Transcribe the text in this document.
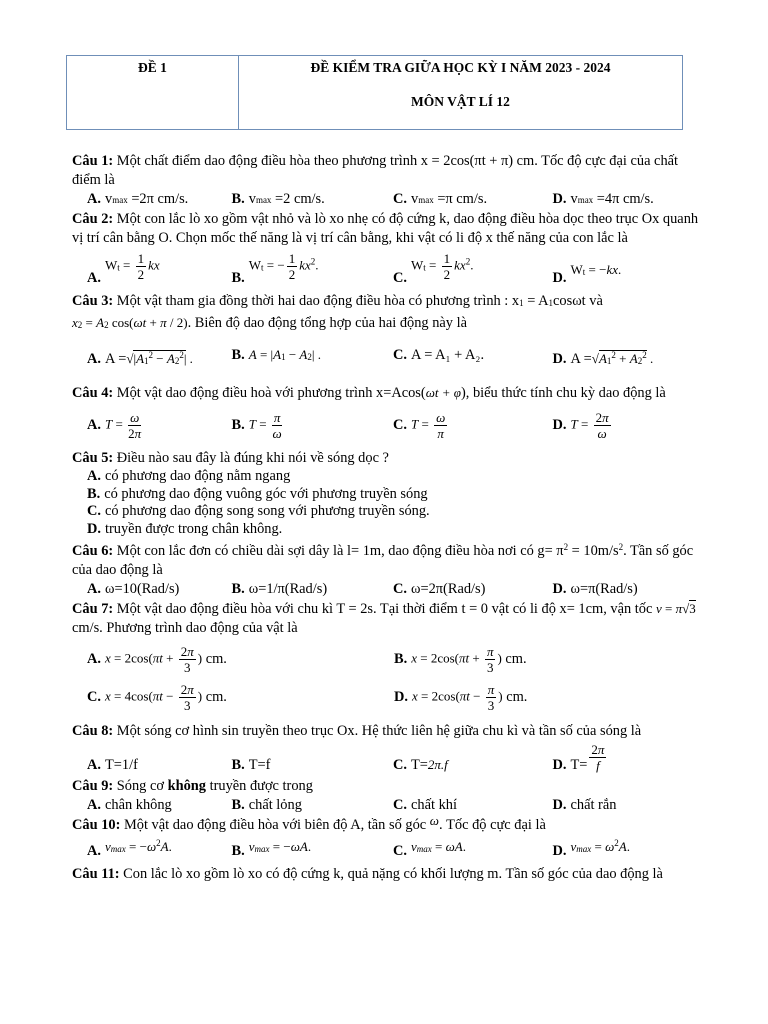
ĐỀ 1	ĐỀ KIỂM TRA GIỮA HỌC KỲ I NĂM 2023 - 2024
MÔN VẬT LÍ 12

Câu 1: Một chất điểm dao động điều hòa theo phương trình x = 2cos(πt + π) cm. Tốc độ cực đại của chất điểm là

A. v max
=2π cm/s.	B. v max
=2 cm/s.	C. v max
=π cm/s.	D. v max
=4π cm/s.

Câu 2: Một con lắc lò xo gồm vật nhỏ và lò xo nhẹ có độ cứng k, dao động điều hòa dọc theo trục Ox quanh vị trí cân bằng O. Chọn mốc thế năng là vị trí cân bằng, khi vật có li độ x thế năng của con lắc là

A.
$Wt = \frac{1}{2}$ kx
B.
Wt = − $\frac{1}{2} kx^2$.
C.
$Wt = \frac{1}{2} kx^2$.
D.
Wt = −kx.

Câu 3: Một vật tham gia đồng thời hai dao động điều hòa có phương trình : x1 = A1cosωt và
x2 = A2 cos(ωt + π / 2). Biên độ dao động tổng hợp của hai động này là

A. $A = √|A1^2 - A2^2|$ .	B. A = |A1 − A2| .	C. A = A₁ + A₂.	D. $A = √A1^2 + A2^2$ .

Câu 4: Một vật dao động điều hoà với phương trình x=Acos(ωt + φ), biểu thức tính chu kỳ dao động là

A. $T = \frac{\omega}{2\pi}$	B. $T = \frac{\pi}{\omega}$	C. $T = \frac{\omega}{\pi}$	D. $T = \frac{2\pi}{\omega}$

Câu 5: Điều nào sau đây là đúng khi nói về sóng dọc ?

A. có phương dao động nằm ngang
B. có phương dao động vuông góc với phương truyền sóng
C. có phương dao động song song với phương truyền sóng.
D. truyền được trong chân không.

Câu 6: Một con lắc đơn có chiều dài sợi dây là l= 1m, dao động điều hòa nơi có $g= \pi^2 = 10m/s^2$. Tần số góc của dao động là

A. ω=10(Rad/s)	B. ω=1/π(Rad/s)	C. ω=2π(Rad/s)	D. ω=π(Rad/s)

Câu 7: Một vật dao động điều hòa với chu kì T = 2s. Tại thời điểm t = 0 vật có li độ x= 1cm, vận tốc v = π√3 cm/s. Phương trình dao động của vật là

A. $x = 2\cos(\pi t + \frac{2\pi}{3}$ )
cm.	B. $x = 2\cos(\pi t + \frac{\pi}{3}$ )
cm.
C. $x = 4\cos(\pi t - \frac{2\pi}{3}$ )
cm.	D. $x = 2\cos(\pi t - \frac{\pi}{3}$ )
cm.

Câu 8: Một sóng cơ hình sin truyền theo trục Ox. Hệ thức liên hệ giữa chu kì và tần số của sóng là

A. T=1/f	B. T=f	C. T= 2π.f	D. $T= \frac{2\pi}{f}$

Câu 9: Sóng cơ không truyền được trong

A. chân không	B. chất lỏng	C. chất khí	D. chất rắn

Câu 10: Một vật dao động điều hòa với biên độ A, tần số góc ω. Tốc độ cực đại là

A. $vmax = -\omega^2A$.	B. vmax = −ωA.	C. vmax = ωA.	D. $vmax = \omega^2A$.

Câu 11: Con lắc lò xo gồm lò xo có độ cứng k, quả nặng có khối lượng m. Tần số góc của dao động là
